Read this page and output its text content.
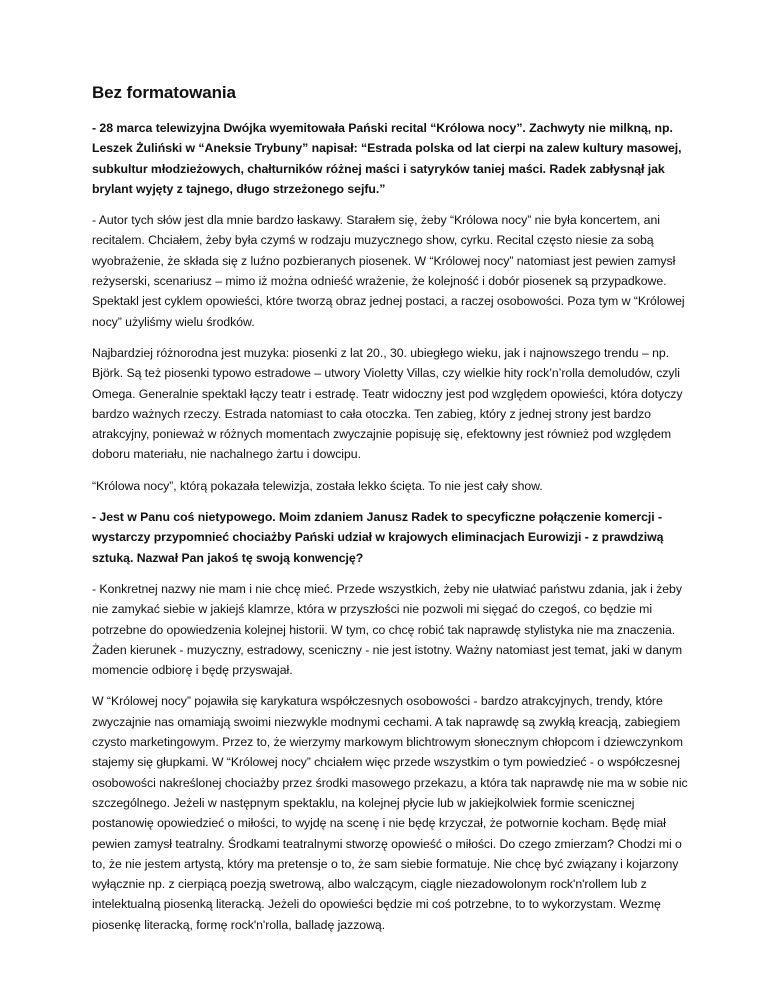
Bez formatowania

- 28 marca telewizyjna Dwójka wyemitowała Pański recital “Królowa nocy”. Zachwyty nie milkną, np. Leszek Żuliński w “Aneksie Trybuny” napisał: “Estrada polska od lat cierpi na zalew kultury masowej, subkultur młodzieżowych, chałturników różnej maści i satyryków taniej maści. Radek zabłysnął jak brylant wyjęty z tajnego, długo strzeżonego sejfu.”

- Autor tych słów jest dla mnie bardzo łaskawy. Starałem się, żeby “Królowa nocy” nie była koncertem, ani recitalem. Chciałem, żeby była czymś w rodzaju muzycznego show, cyrku. Recital często niesie za sobą wyobrażenie, że składa się z luźno pozbieranych piosenek. W “Królowej nocy” natomiast jest pewien zamysł reżyserski, scenariusz – mimo iż można odnieść wrażenie, że kolejność i dobór piosenek są przypadkowe. Spektakl jest cyklem opowieści, które tworzą obraz jednej postaci, a raczej osobowości. Poza tym w “Królowej nocy” użyliśmy wielu środków.

Najbardziej różnorodna jest muzyka: piosenki z lat 20., 30. ubiegłego wieku, jak i najnowszego trendu – np. Björk. Są też piosenki typowo estradowe – utwory Violetty Villas, czy wielkie hity rock’n’rolla demoludów, czyli Omega. Generalnie spektakl łączy teatr i estradę. Teatr widoczny jest pod względem opowieści, która dotyczy bardzo ważnych rzeczy. Estrada natomiast to cała otoczka. Ten zabieg, który z jednej strony jest bardzo atrakcyjny, ponieważ w różnych momentach zwyczajnie popisuję się, efektowny jest również pod względem doboru materiału, nie nachalnego żartu i dowcipu.

“Królowa nocy”, którą pokazała telewizja, została lekko ścięta. To nie jest cały show.

- Jest w Panu coś nietypowego. Moim zdaniem Janusz Radek to specyficzne połączenie komercji - wystarczy przypomnieć chociażby Pański udział w krajowych eliminacjach Eurowizji - z prawdziwą sztuką. Nazwał Pan jakoś tę swoją konwencję?

- Konkretnej nazwy nie mam i nie chcę mieć. Przede wszystkich, żeby nie ułatwiać państwu zdania, jak i żeby nie zamykać siebie w jakiejś klamrze, która w przyszłości nie pozwoli mi sięgać do czegoś, co będzie mi potrzebne do opowiedzenia kolejnej historii. W tym, co chcę robić tak naprawdę stylistyka nie ma znaczenia. Żaden kierunek - muzyczny, estradowy, sceniczny - nie jest istotny. Ważny natomiast jest temat, jaki w danym momencie odbiorę i będę przyswajał.

W “Królowej nocy” pojawiła się karykatura współczesnych osobowości - bardzo atrakcyjnych, trendy, które zwyczajnie nas omamiają swoimi niezwykle modnymi cechami. A tak naprawdę są zwykłą kreacją, zabiegiem czysto marketingowym. Przez to, że wierzymy markowym blichtrowym słonecznym chłopcom i dziewczynkom stajemy się głupkami. W “Królowej nocy” chciałem więc przede wszystkim o tym powiedzieć - o współczesnej osobowości nakreślonej chociażby przez środki masowego przekazu, a która tak naprawdę nie ma w sobie nic szczególnego. Jeżeli w następnym spektaklu, na kolejnej płycie lub w jakiejkolwiek formie scenicznej postanowię opowiedzieć o miłości, to wyjdę na scenę i nie będę krzyczał, że potwornie kocham. Będę miał pewien zamysł teatralny. Środkami teatralnymi stworzę opowieść o miłości. Do czego zmierzam? Chodzi mi o to, że nie jestem artystą, który ma pretensje o to, że sam siebie formatuje. Nie chcę być związany i kojarzony wyłącznie np. z cierpiącą poezją swetrową, albo walczącym, ciągle niezadowolonym rock'n'rollem lub z intelektualną piosenką literacką. Jeżeli do opowieści będzie mi coś potrzebne, to to wykorzystam. Wezmę piosenkę literacką, formę rock'n'rolla, balladę jazzową.
